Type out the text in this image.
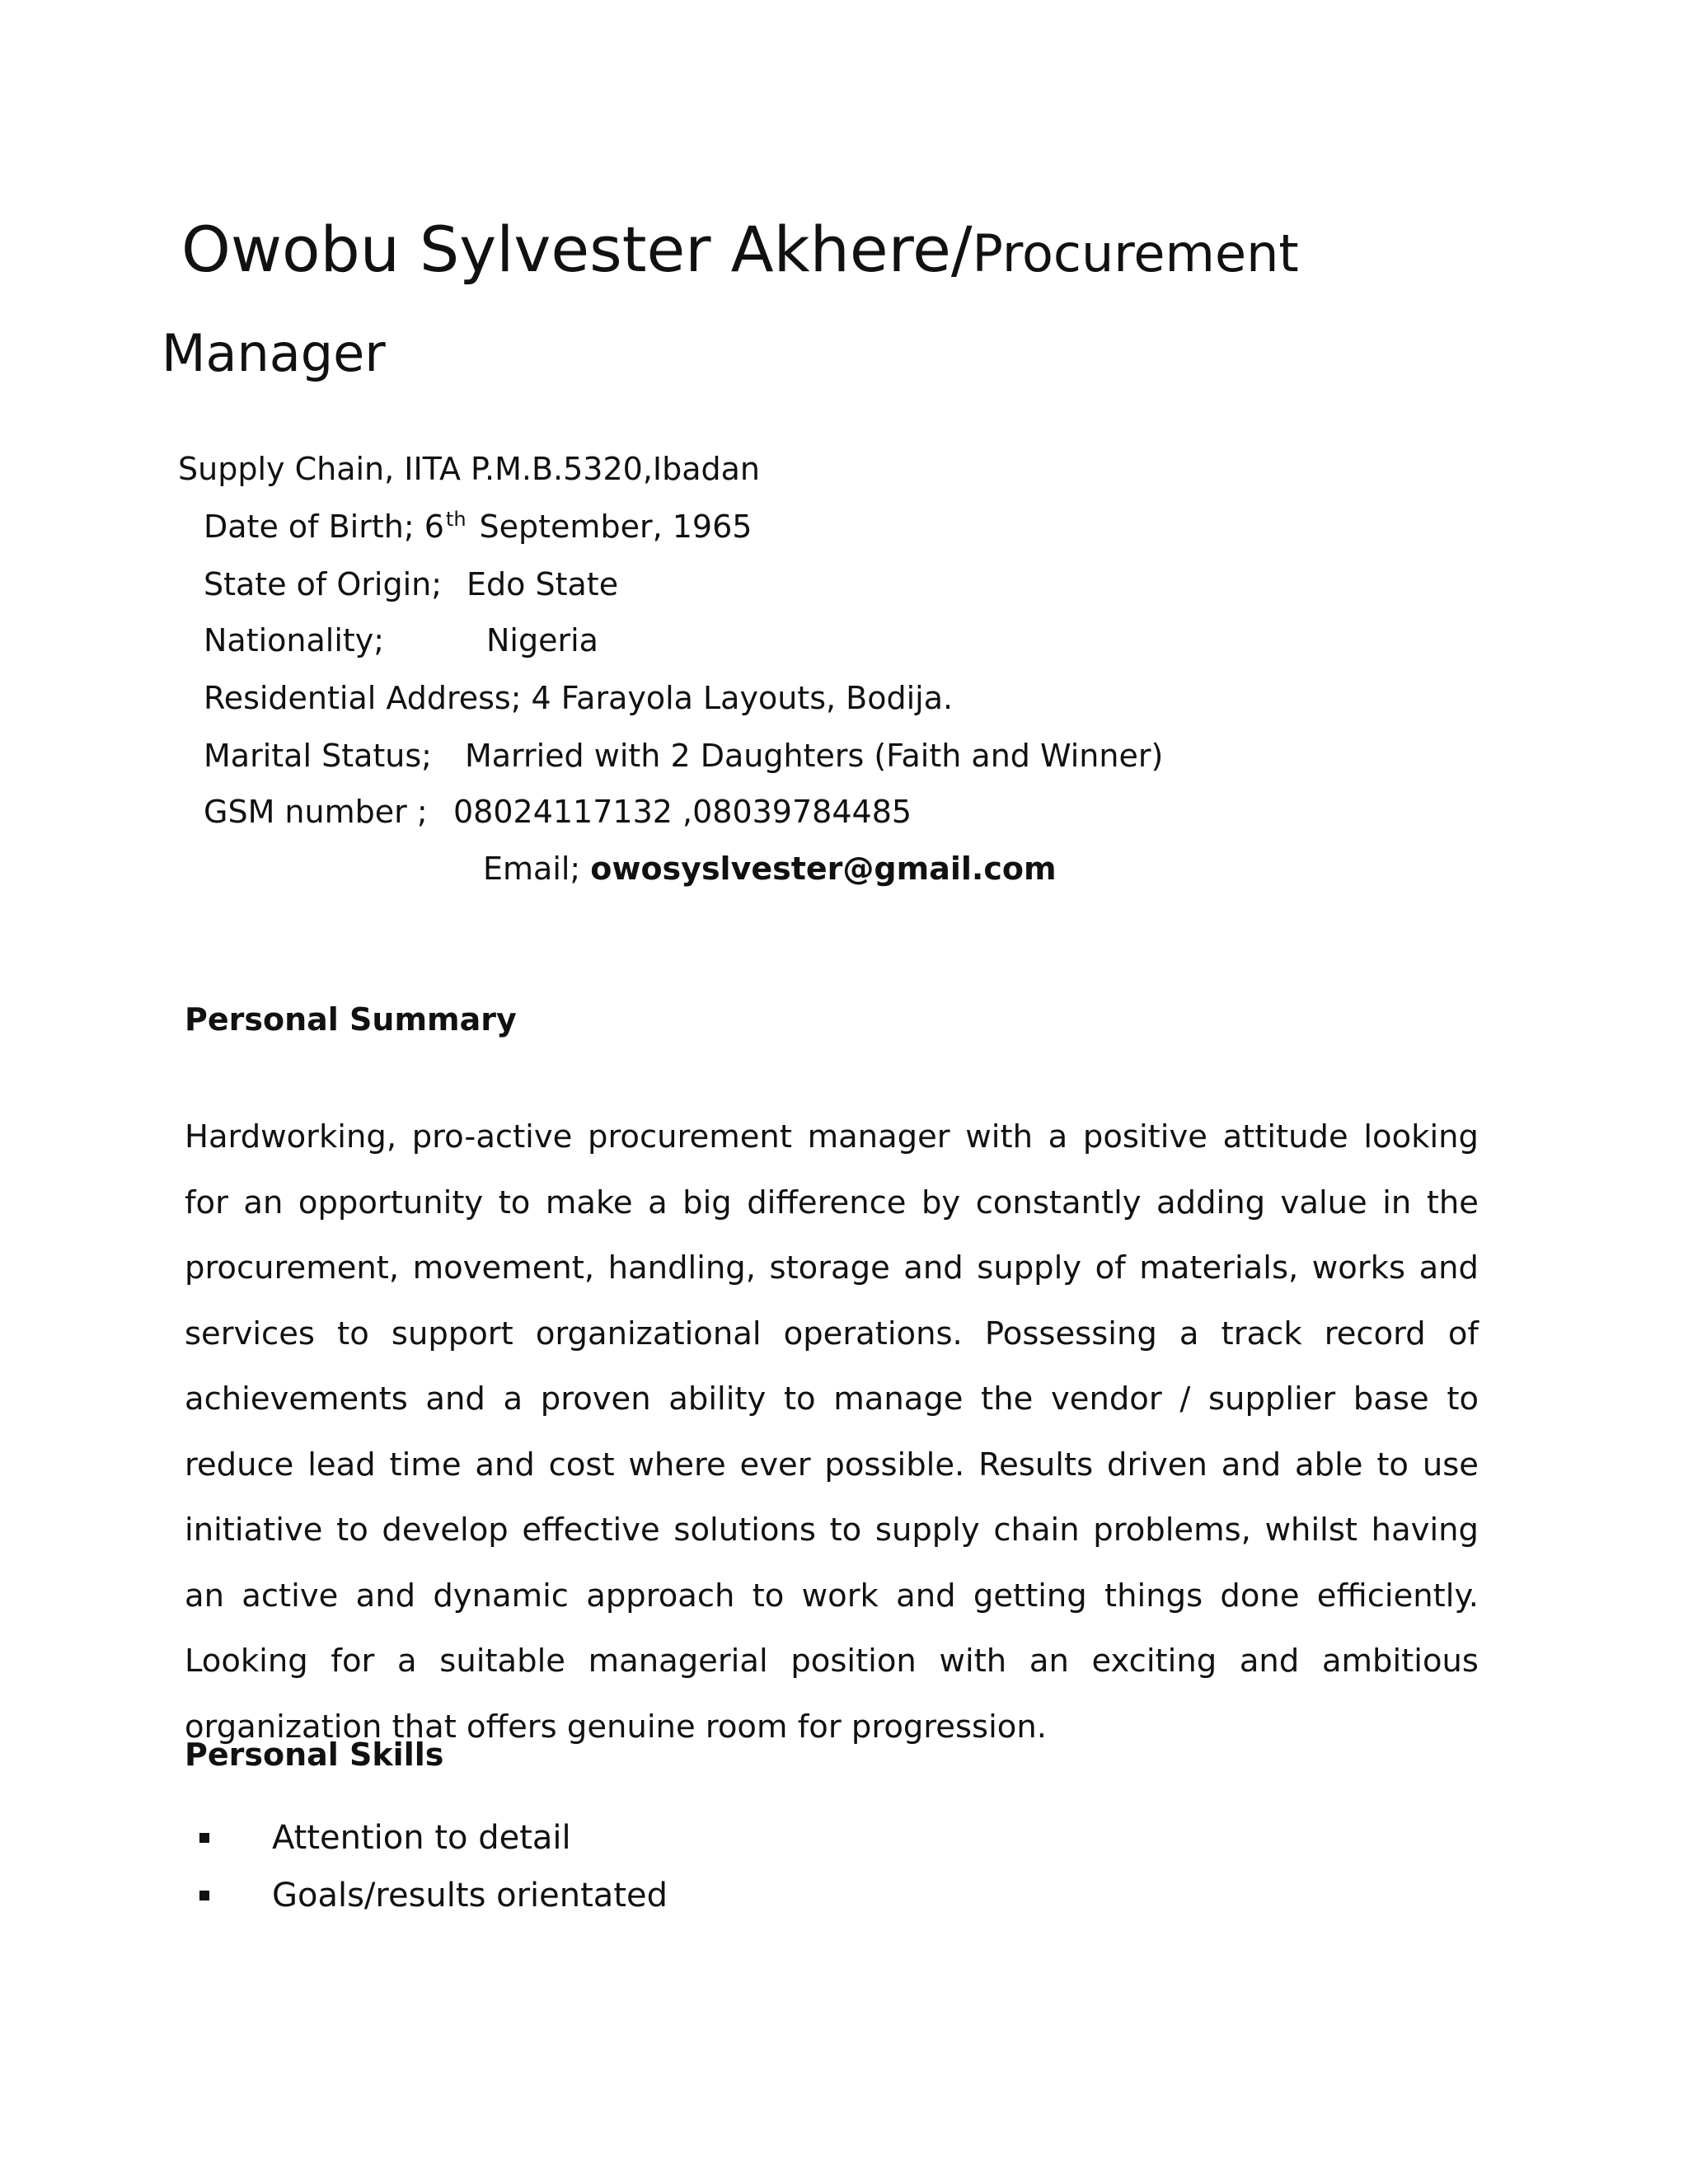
Owobu Sylvester Akhere/Procurement
Manager
Supply Chain, IITA P.M.B.5320,Ibadan
Date of Birth; 6th September, 1965
State of Origin; Edo State
Nationality;	Nigeria
Residential Address; 4 Farayola Layouts, Bodija.
Marital Status; Married with 2 Daughters (Faith and Winner)
GSM number ; 08024117132 ,08039784485
Email; owosyslvester@gmail.com
Personal Summary
Hardworking, pro-active procurement manager with a positive attitude looking for an opportunity to make a big difference by constantly adding value in the procurement, movement, handling, storage and supply of materials, works and services to support organizational operations. Possessing a track record of achievements and a proven ability to manage the vendor / supplier base to reduce lead time and cost where ever possible. Results driven and able to use initiative to develop effective solutions to supply chain problems, whilst having an active and dynamic approach to work and getting things done efficiently. Looking for a suitable managerial position with an exciting and ambitious organization that offers genuine room for progression.
Personal Skills
Attention to detail
Goals/results orientated
